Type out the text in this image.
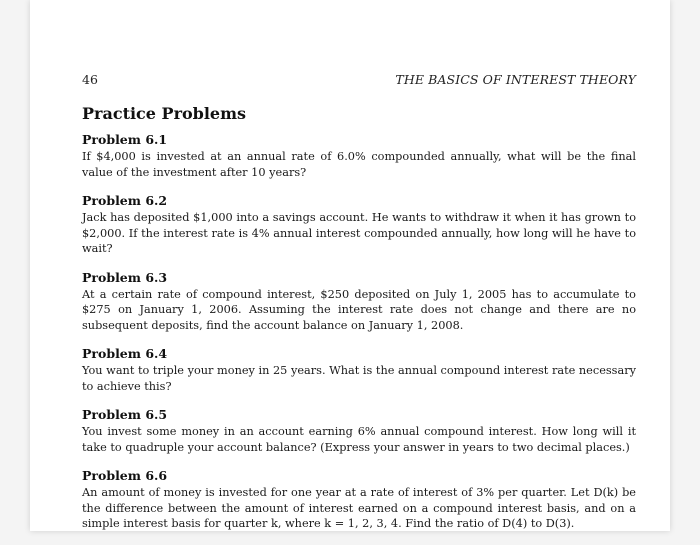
46	THE BASICS OF INTEREST THEORY
Practice Problems

Problem 6.1

If $4,000 is invested at an annual rate of 6.0% compounded annually, what will be the final value of the investment after 10 years?

Problem 6.2

Jack has deposited $1,000 into a savings account. He wants to withdraw it when it has grown to $2,000. If the interest rate is 4% annual interest compounded annually, how long will he have to wait?

Problem 6.3

At a certain rate of compound interest, $250 deposited on July 1, 2005 has to accumulate to $275 on January 1, 2006. Assuming the interest rate does not change and there are no subsequent deposits, find the account balance on January 1, 2008.

Problem 6.4

You want to triple your money in 25 years. What is the annual compound interest rate necessary to achieve this?

Problem 6.5

You invest some money in an account earning 6% annual compound interest. How long will it take to quadruple your account balance? (Express your answer in years to two decimal places.)

Problem 6.6

An amount of money is invested for one year at a rate of interest of 3% per quarter. Let D(k) be the difference between the amount of interest earned on a compound interest basis, and on a simple interest basis for quarter k, where k = 1, 2, 3, 4. Find the ratio of D(4) to D(3).
